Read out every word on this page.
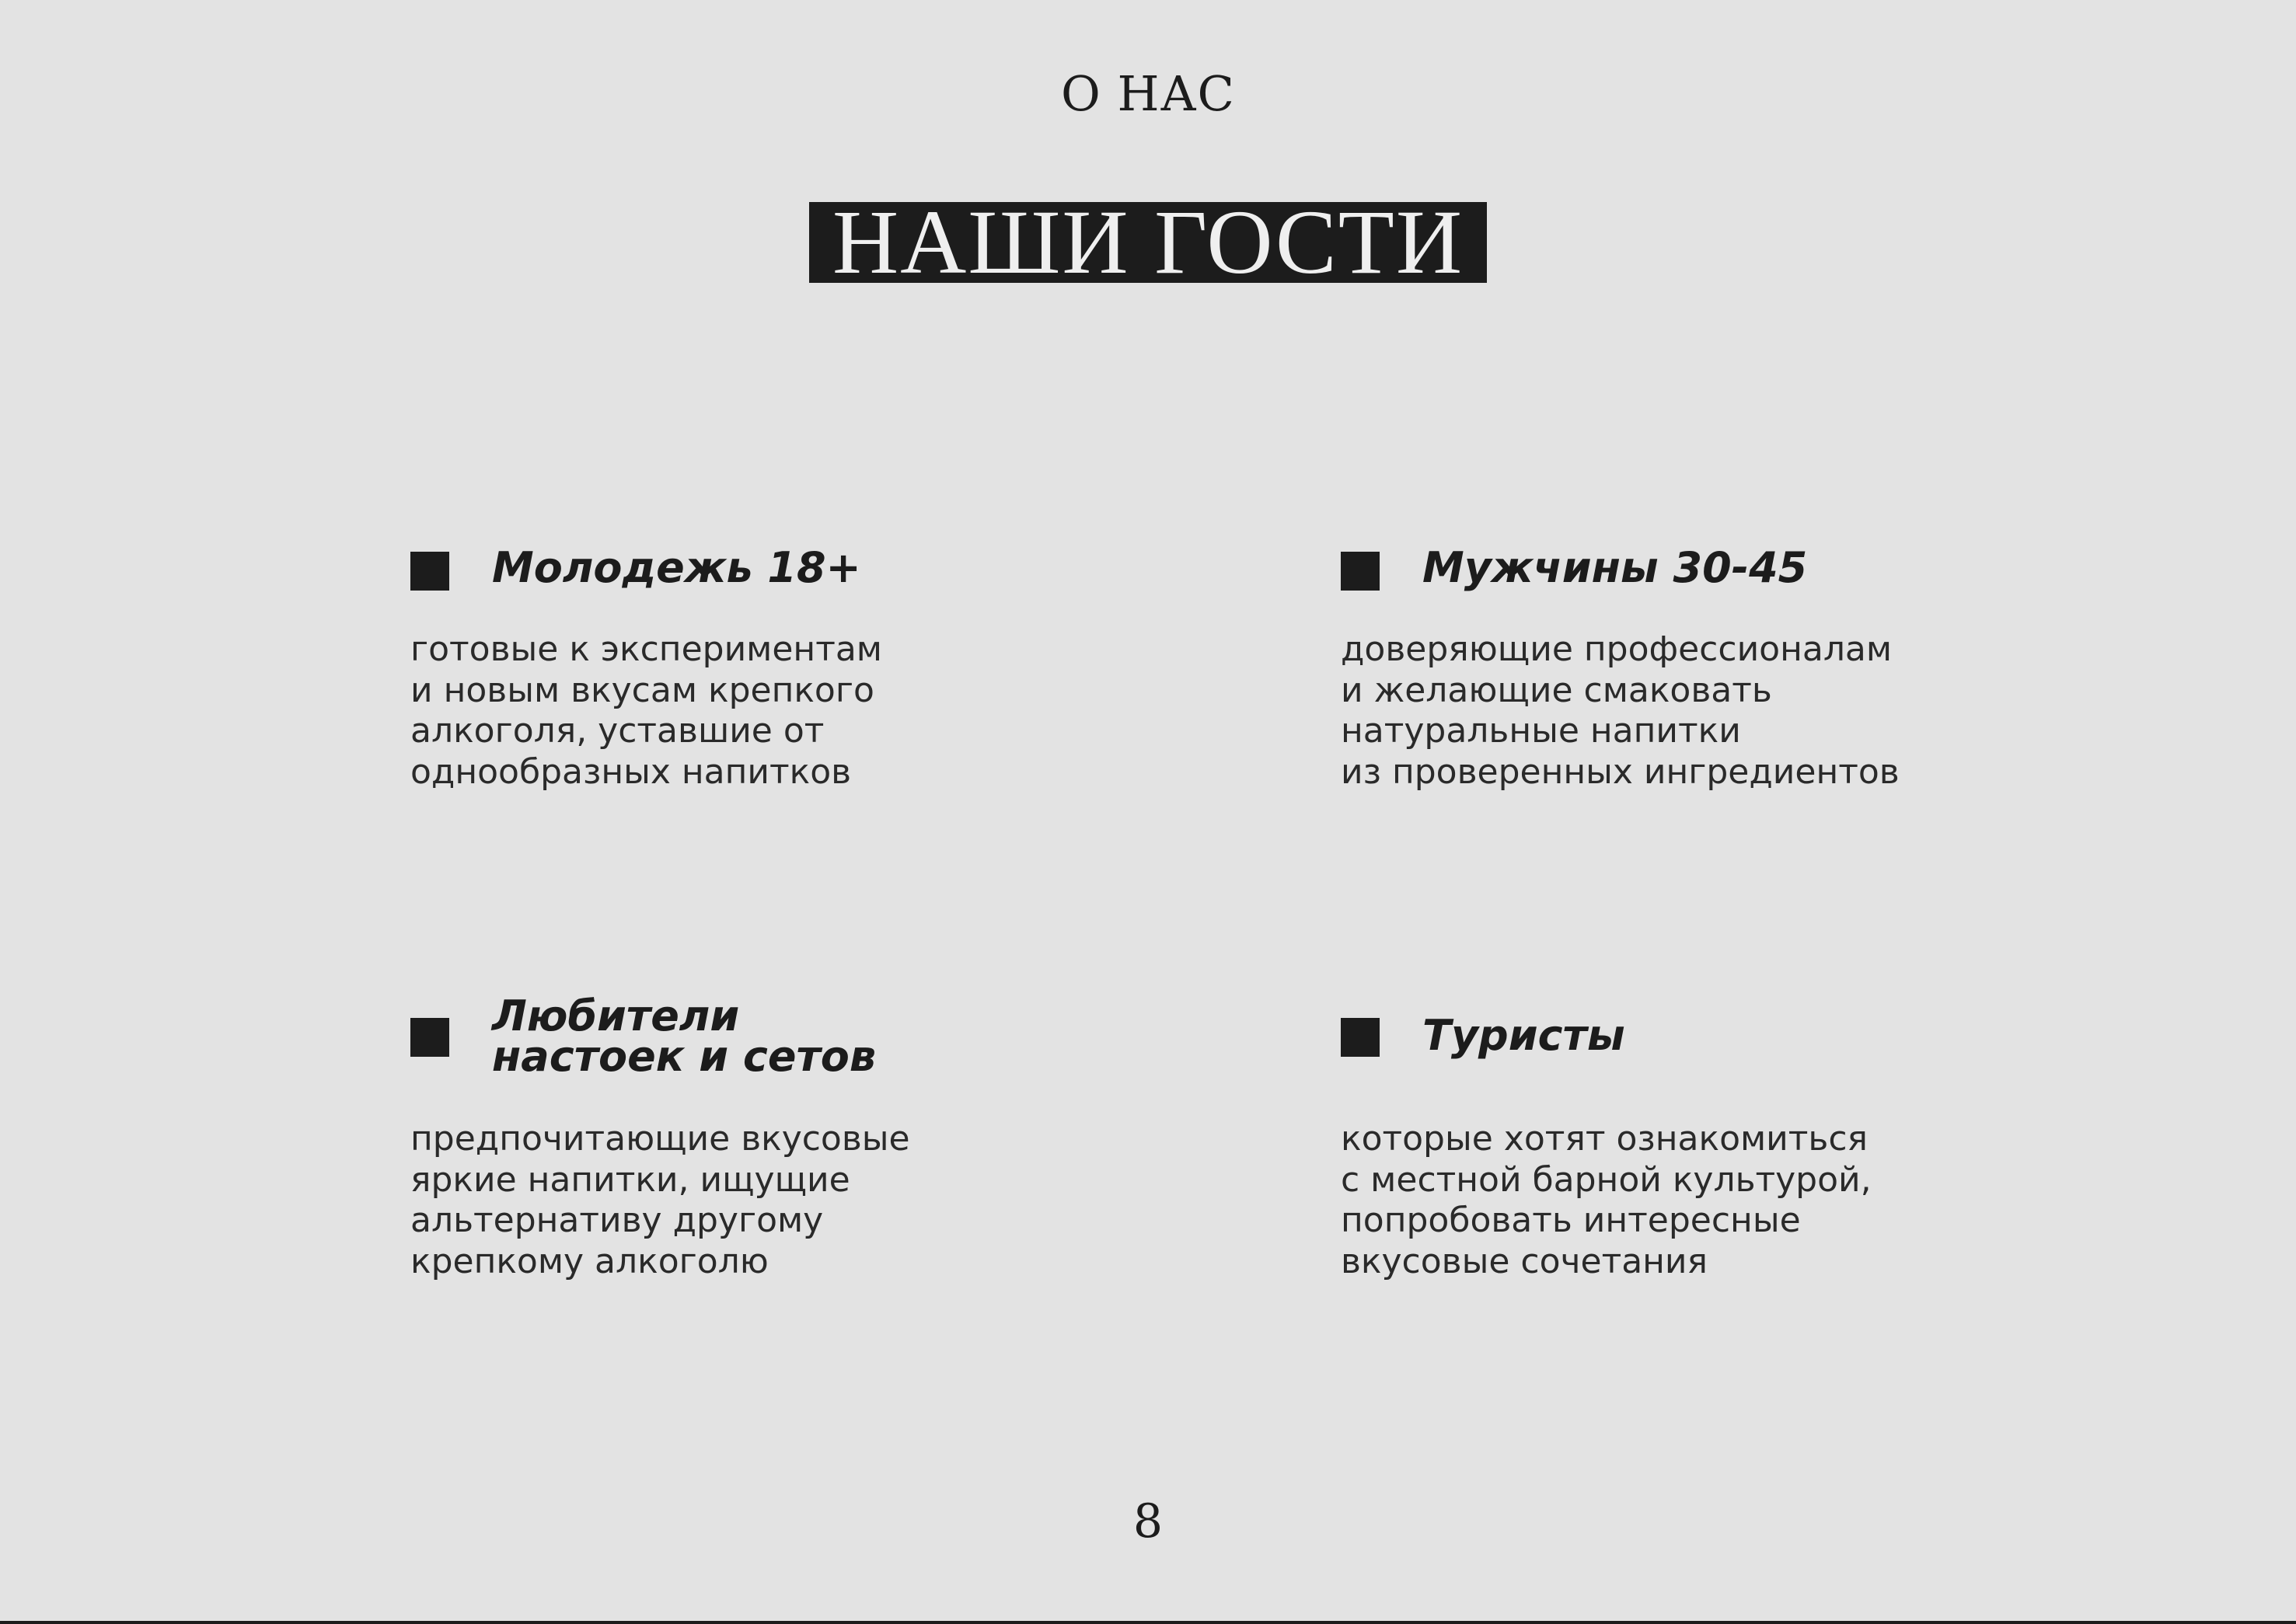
О НАС
НАШИ ГОСТИ
Молодежь 18+
готовые к экспериментам
и новым вкусам крепкого
алкоголя, уставшие от
однообразных напитков
Мужчины 30-45
доверяющие профессионалам
и желающие смаковать
натуральные напитки
из проверенных ингредиентов
Любители
настоек и сетов
предпочитающие вкусовые
яркие напитки, ищущие
альтернативу другому
крепкому алкоголю
Туристы
которые хотят ознакомиться
с местной барной культурой,
попробовать интересные
вкусовые сочетания
8
